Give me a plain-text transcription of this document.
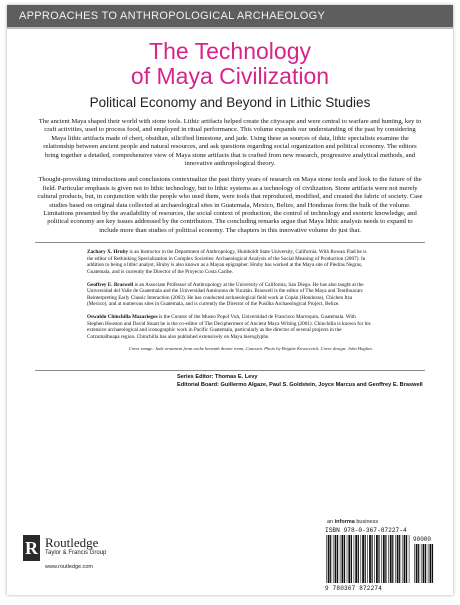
APPROACHES TO ANTHROPOLOGICAL ARCHAEOLOGY
The Technology
of Maya Civilization
Political Economy and Beyond in Lithic Studies

The ancient Maya shaped their world with stone tools. Lithic artifacts helped create the cityscape and were central to warfare and hunting, key to craft activities, used to process food, and employed in ritual performance. This volume expands our understanding of the past by considering Maya lithic artifacts made of chert, obsidian, silicified limestone, and jade. Using these as sources of data, lithic specialists examine the relationship between ancient people and natural resources, and ask questions regarding social organization and political economy. The editors bring together a detailed, comprehensive view of Maya stone artifacts that is crafted from new research, progressive analytical methods, and innovative anthropological theory.

Thought-provoking introductions and conclusions contextualize the past thirty years of research on Maya stone tools and look to the future of the field. Particular emphasis is given not to lithic technology, but to lithic systems as a technology of civilization. Stone artifacts were not merely cultural products, but, in conjunction with the people who used them, were tools that reproduced, modified, and created the fabric of society. Case studies based on original data collected at archaeological sites in Guatemala, Mexico, Belize, and Honduras form the bulk of the volume. Limitations presented by the availability of resources, the social context of production, the control of technology and esoteric knowledge, and political economy are key issues addressed by the contributors. The concluding remarks argue that Maya lithic analysis needs to expand to include more than studies of political economy. The chapters in this innovative volume do just that.

Zachary X. Hruby is an Instructor in the Department of Anthropology, Humboldt State University, California. With Rowan Flad he is the editor of Rethinking Specialization in Complex Societies: Archaeological Analysis of the Social Meaning of Production (2007). In addition to being a lithic analyst, Hruby is also known as a Mayan epigrapher. Hruby has worked at the Maya site of Piedras Negras, Guatemala, and is currently the Director of the Proyecto Costa Caribe.
Geoffrey E. Braswell is an Associate Professor of Anthropology at the University of California, San Diego. He has also taught at the Universidad del Valle de Guatemala and the Universidad Autónoma de Yucatán. Braswell is the editor of The Maya and Teotihuacan: Reinterpreting Early Classic Interaction (2003). He has conducted archaeological field work at Copán (Honduras), Chichen Itza (Mexico), and at numerous sites in Guatemala, and is currently the Director of the Pusilha Archaeological Project, Belize.
Oswaldo Chinchilla Mazariegos is the Curator of the Museo Popol Vuh, Universidad de Francisco Marroquín, Guatemala. With Stephen Houston and David Stuart he is the co-editor of The Decipherment of Ancient Maya Writing (2001). Chinchilla is known for his extensive archaeological and iconographic work in Pacific Guatemala, particularly as the director of several projects in the Cotzumalhuapa region. Chinchilla has also published extensively on Maya hieroglyphs.
Cover image: Jade ornament from cache beneath throne room, Cancuen. Photo by Brigitte Kovacevich. Cover design: John Hughes.
Series Editor: Thomas E. Levy
Editorial Board: Guillermo Algaze, Paul S. Goldstein, Joyce Marcus and Geoffrey E. Braswell
R Routledge
Taylor & Francis Group
www.routledge.com
an informa business
ISBN 978-0-367-87227-4
90000
9 780367 872274
